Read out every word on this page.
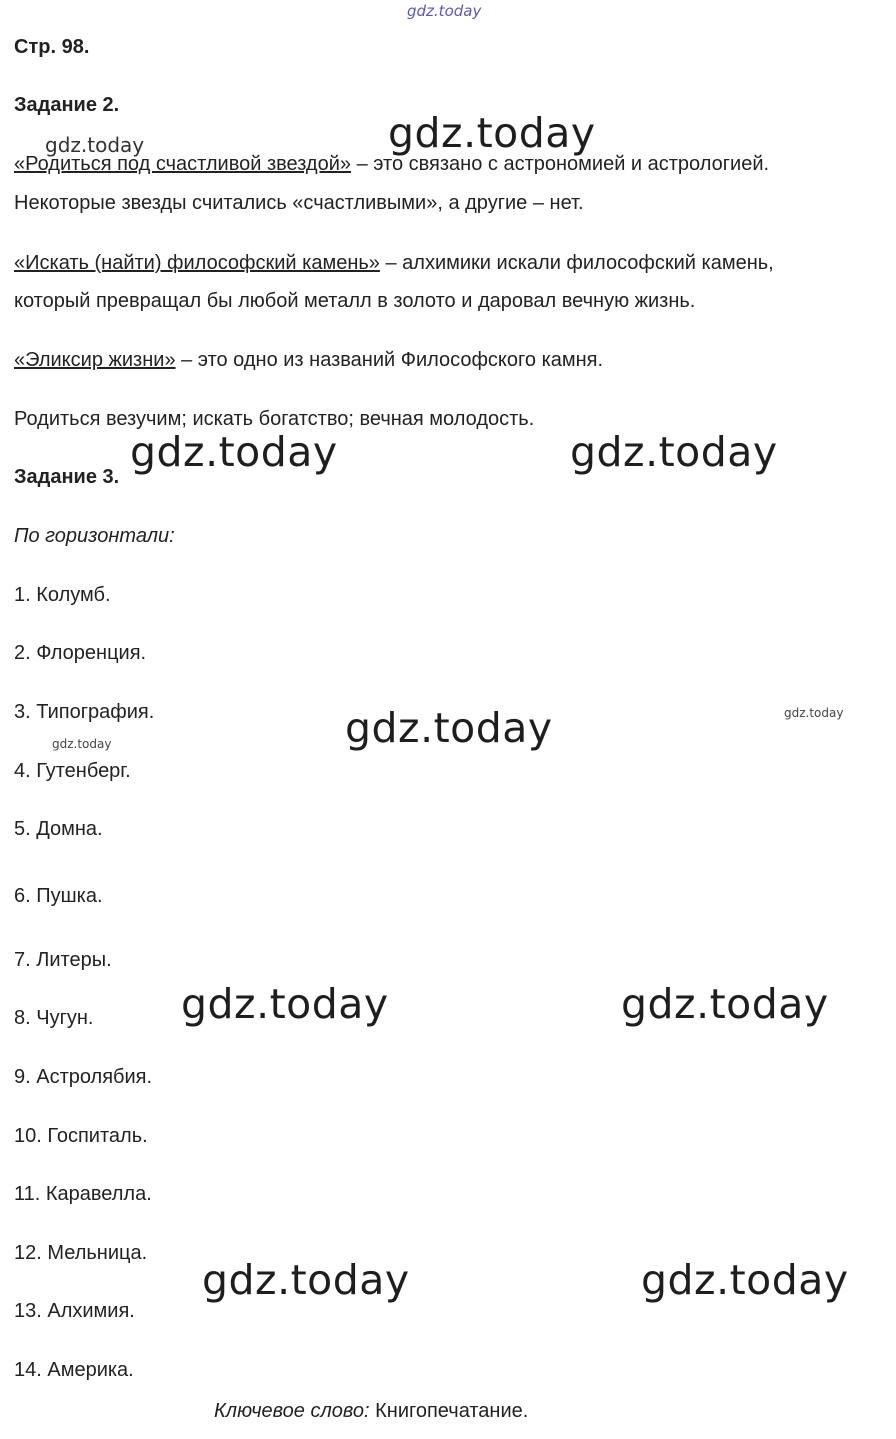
Стр. 98.
Задание 2.
«Родиться под счастливой звездой» – это связано с астрономией и астрологией.
Некоторые звезды считались «счастливыми», а другие – нет.
«Искать (найти) философский камень» – алхимики искали философский камень,
который превращал бы любой металл в золото и даровал вечную жизнь.
«Эликсир жизни» – это одно из названий Философского камня.
Родиться везучим; искать богатство; вечная молодость.
Задание 3.
По горизонтали:
1. Колумб.
2. Флоренция.
3. Типография.
4. Гутенберг.
5. Домна.
6. Пушка.
7. Литеры.
8. Чугун.
9. Астролябия.
10. Госпиталь.
11. Каравелла.
12. Мельница.
13. Алхимия.
14. Америка.
Ключевое слово: Книгопечатание.
gdz.today
gdz.today	gdz.today
gdz.today	gdz.today
gdz.today	gdz.today
gdz.today
gdz.today	gdz.today
gdz.today	gdz.today
